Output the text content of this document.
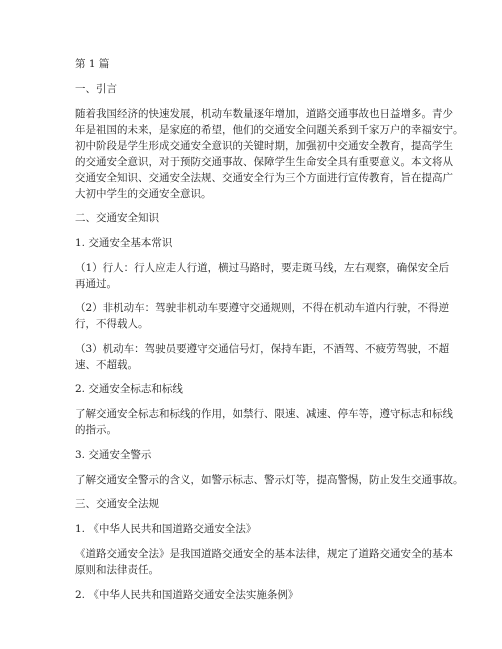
第 1 篇
一、引言
随着我国经济的快速发展，机动车数量逐年增加，道路交通事故也日益增多。青少
年是祖国的未来，是家庭的希望，他们的交通安全问题关系到千家万户的幸福安宁。
初中阶段是学生形成交通安全意识的关键时期，加强初中交通安全教育，提高学生
的交通安全意识，对于预防交通事故、保障学生生命安全具有重要意义。本文将从
交通安全知识、交通安全法规、交通安全行为三个方面进行宣传教育，旨在提高广
大初中学生的交通安全意识。
二、交通安全知识
1. 交通安全基本常识
（1）行人：行人应走人行道，横过马路时，要走斑马线，左右观察，确保安全后
再通过。
（2）非机动车：驾驶非机动车要遵守交通规则，不得在机动车道内行驶，不得逆
行，不得载人。
（3）机动车：驾驶员要遵守交通信号灯，保持车距，不酒驾、不疲劳驾驶，不超
速、不超载。
2. 交通安全标志和标线
了解交通安全标志和标线的作用，如禁行、限速、减速、停车等，遵守标志和标线
的指示。
3. 交通安全警示
了解交通安全警示的含义，如警示标志、警示灯等，提高警惕，防止发生交通事故。
三、交通安全法规
1. 《中华人民共和国道路交通安全法》
《道路交通安全法》是我国道路交通安全的基本法律，规定了道路交通安全的基本
原则和法律责任。
2. 《中华人民共和国道路交通安全法实施条例》
